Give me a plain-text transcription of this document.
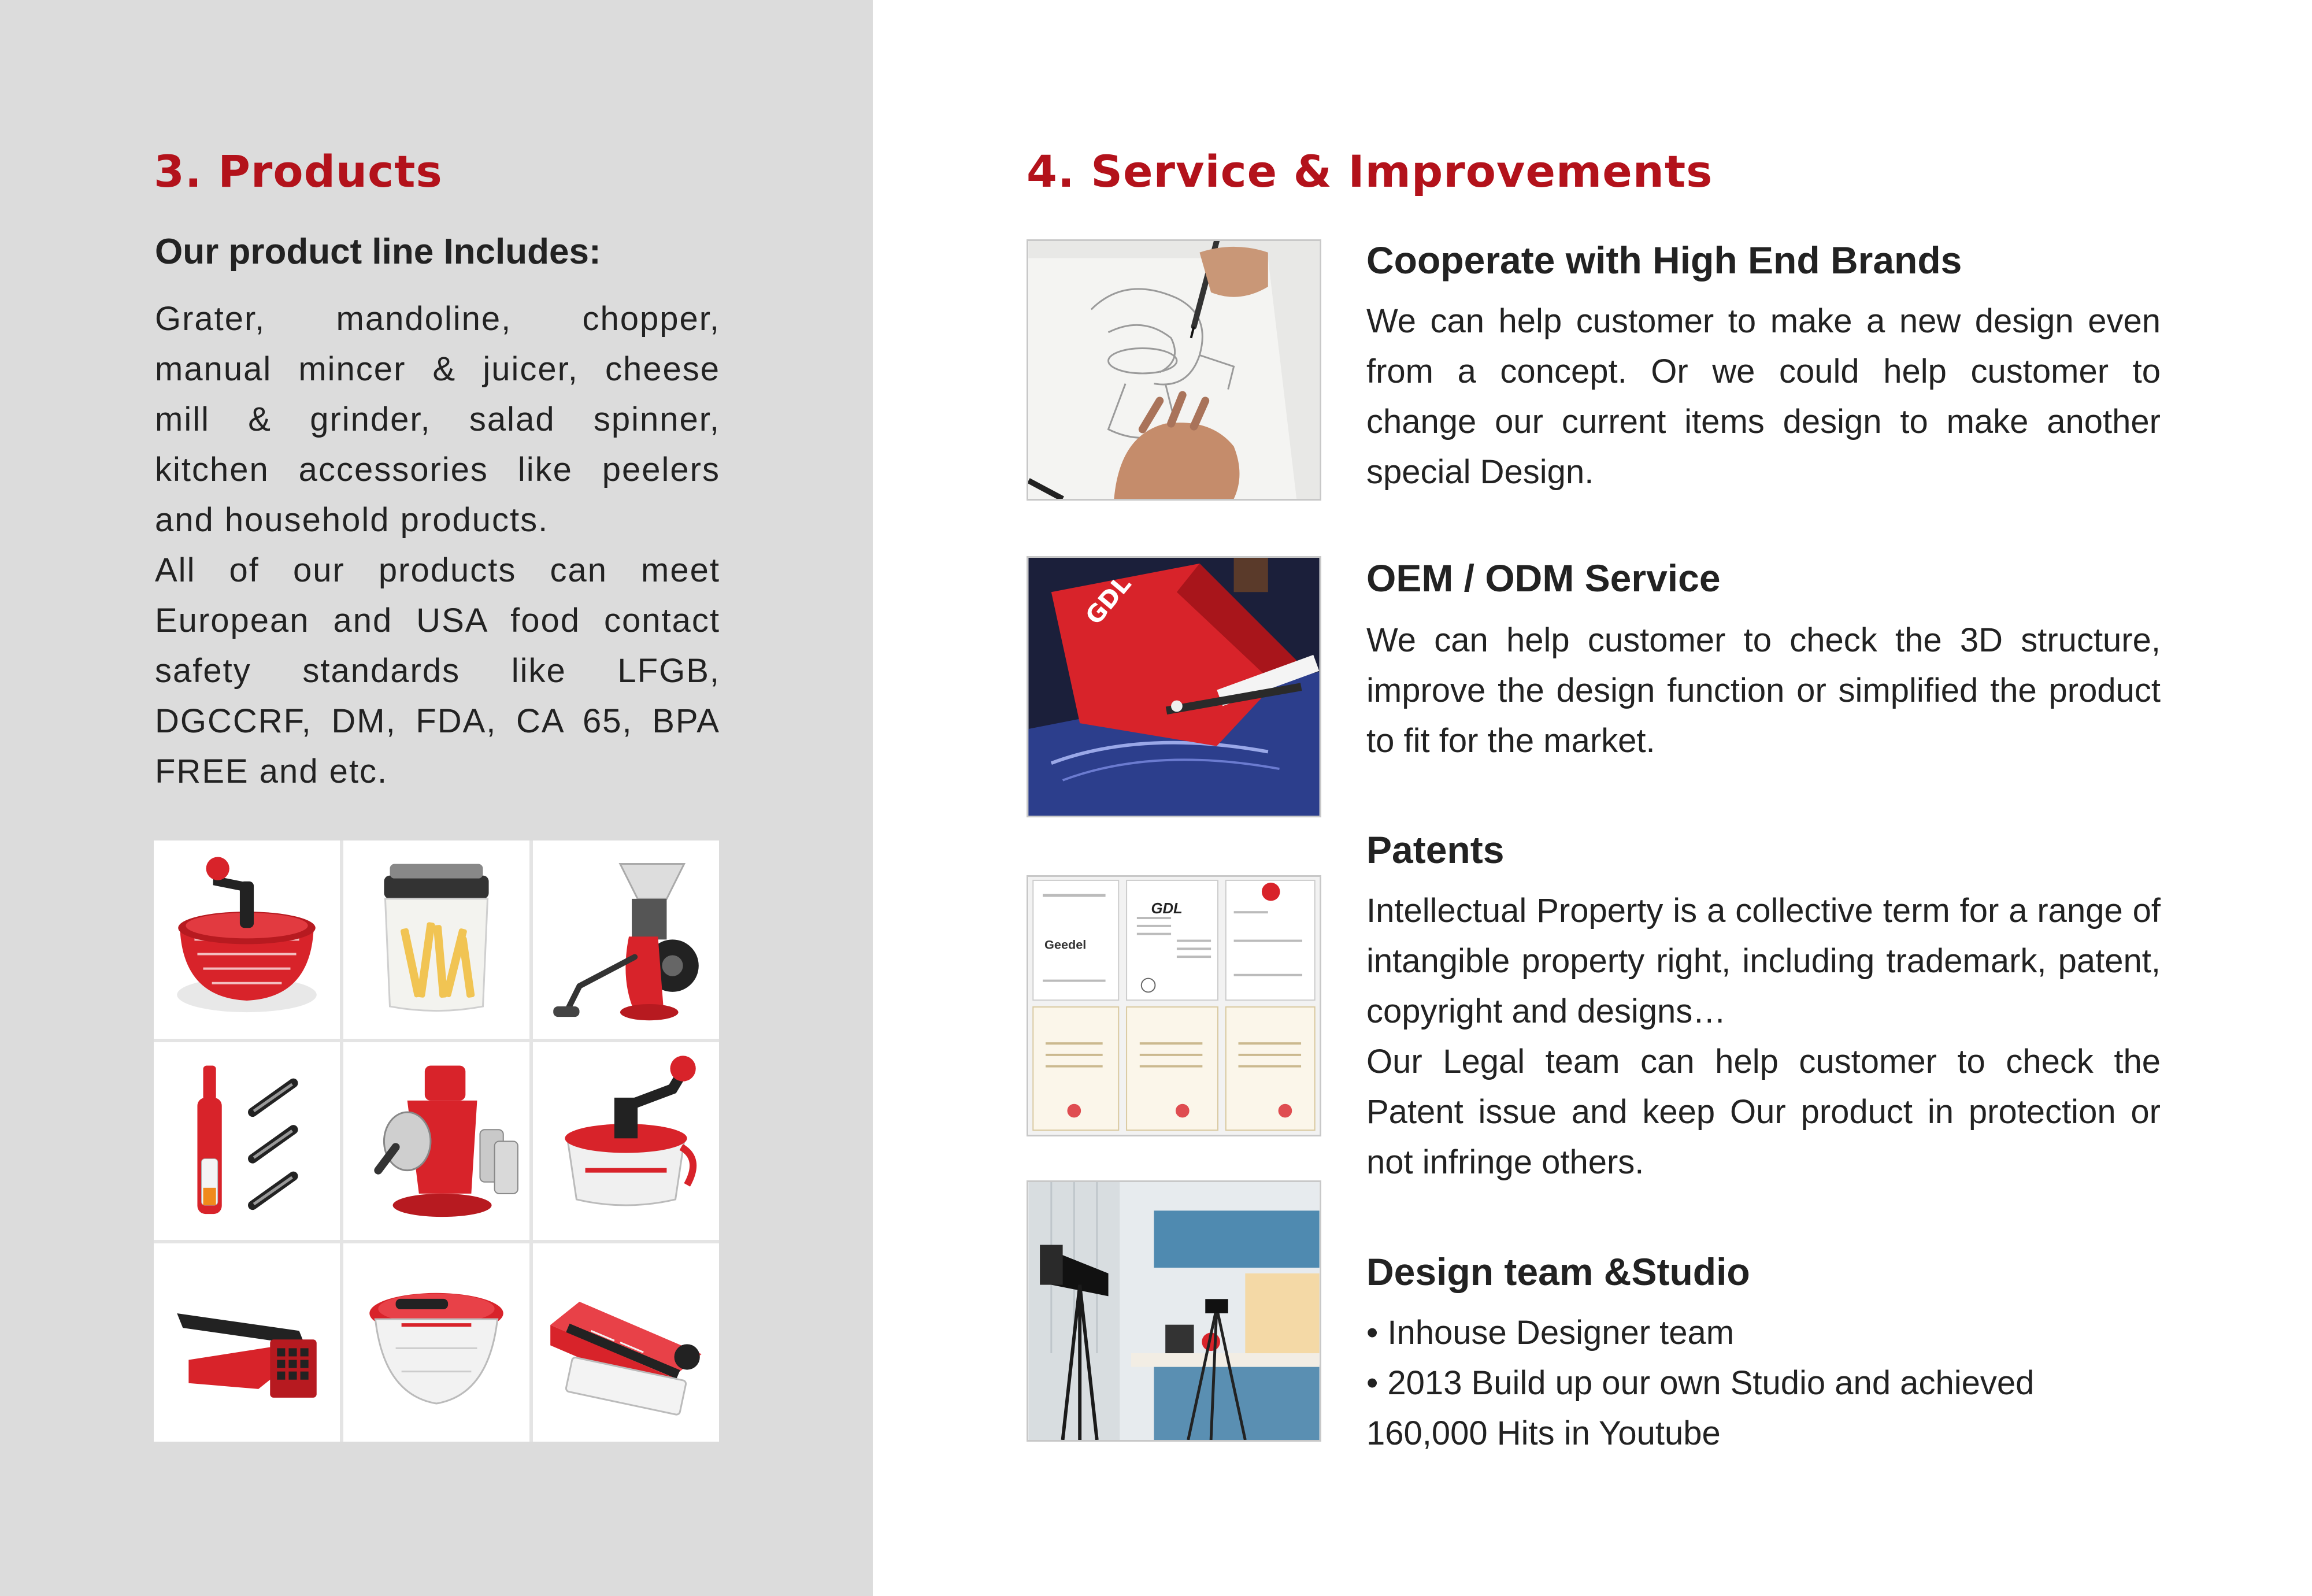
3. Products
Our product line Includes:

Grater, mandoline, chopper, manual mincer & juicer, cheese mill & grinder, salad spinner, kitchen accessories like peelers and household products.

All of our products can meet European and USA food contact safety standards like LFGB, DGCCRF, DM, FDA, CA 65, BPA FREE and etc.

4. Service & Improvements
Cooperate with High End Brands

We can help customer to make a new design even from a concept. Or we could help customer to change our current items design to make another special Design.

GDL	OEM / ODM Service

We can help customer to check the 3D structure, improve the design function or simplified the product to fit for the market.

Geedel
GDL
Patents

Intellectual Property is a collective term for a range of intangible property right, including trademark, patent, copyright and designs…

Our Legal team can help customer to check the Patent issue and keep Our product in protection or not infringe others.

Design team &Studio

• Inhouse Designer team

• 2013 Build up our own Studio and achieved 160,000 Hits in Youtube
